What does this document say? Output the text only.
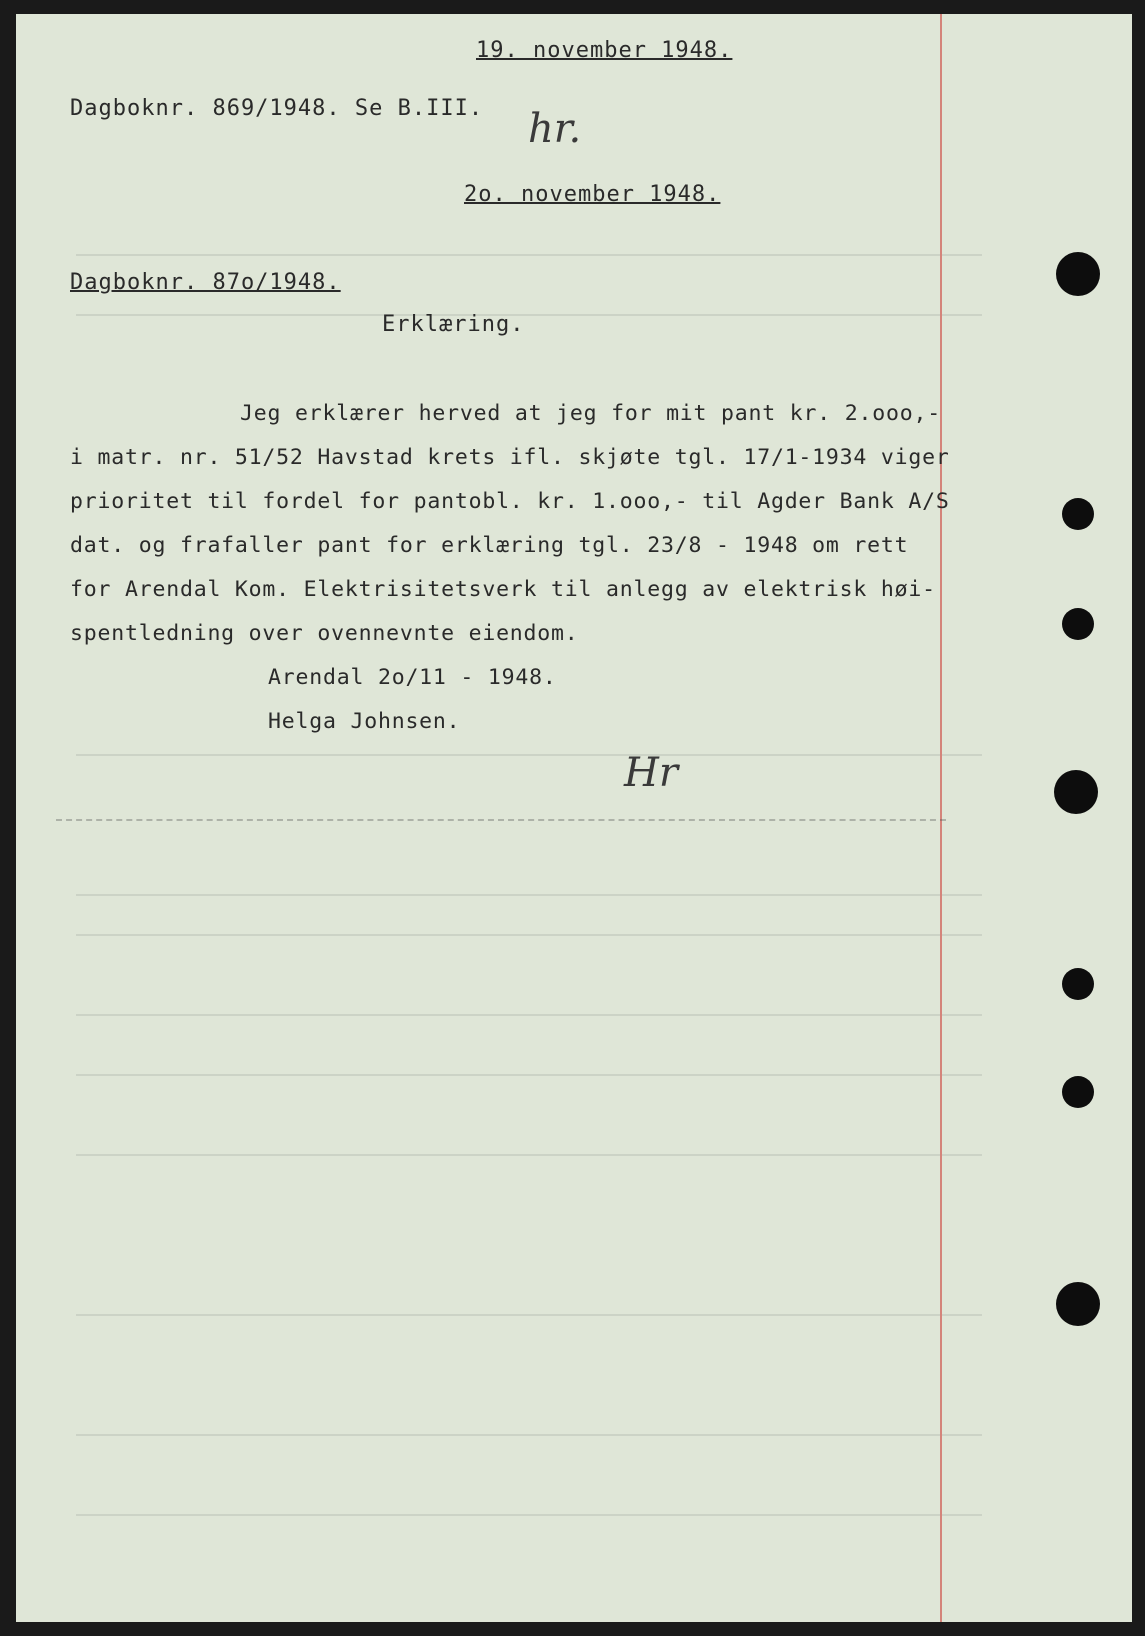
19. november 1948.
Dagboknr. 869/1948. Se B.III. hr.
2o. november 1948.
Dagboknr. 87o/1948.
Erklæring.
Jeg erklærer herved at jeg for mit pant kr. 2.ooo,-
i matr. nr. 51/52 Havstad krets ifl. skjøte tgl. 17/1-1934 viger
prioritet til fordel for pantobl. kr. 1.ooo,- til Agder Bank A/S
dat. og frafaller pant for erklæring tgl. 23/8 - 1948 om rett
for Arendal Kom. Elektrisitetsverk til anlegg av elektrisk høi-
spentledning over ovennevnte eiendom.
Arendal 2o/11 - 1948.
Helga Johnsen.
Hr
